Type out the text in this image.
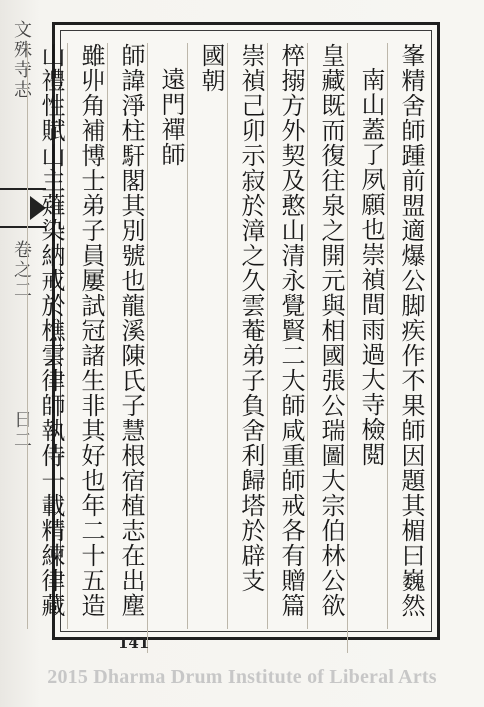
文殊寺志
卷之二
日二	峯精舍師踵前盟適爆公脚疾作不果師因題其楣曰巍然
南山蓋了夙願也崇禎間雨過大寺檢閲
皇藏既而復往泉之開元與相國張公瑞圖大宗伯林公欲
椊搦方外契及憨山清永覺賢二大師咸重師戒各有贈篇
崇禎己卯示寂於漳之久雲菴弟子負舍利歸塔於辟支
國朝
遠門禪師
師諱淨柱馯閣其別號也龍溪陳氏子慧根宿植志在出塵
雖丱角補博士弟子員屢試冠諸生非其好也年二十五造
山禮性賦山主薙染納戒於樵雲律師執侍一載精練律藏
141
2015 Dharma Drum Institute of Liberal Arts
